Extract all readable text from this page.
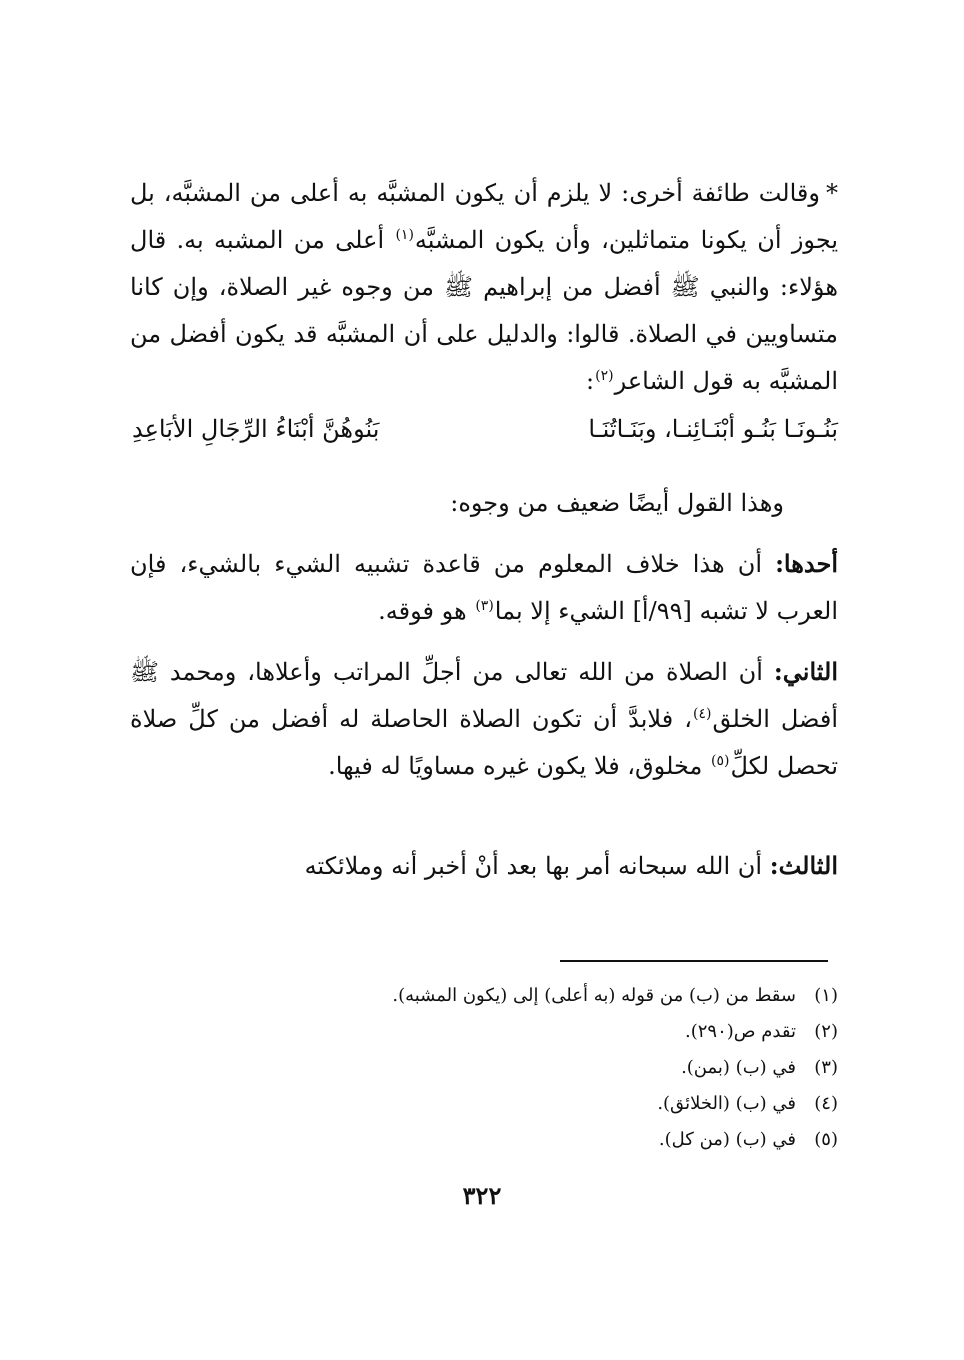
*وقالت طائفة أخرى: لا يلزم أن يكون المشبَّه به أعلى من المشبَّه، بل يجوز أن يكونا متماثلين، وأن يكون المشبَّه$^{(١)}$ أعلى من المشبه به. قال هؤلاء: والنبي ﷺ أفضل من إبراهيم ﷺ من وجوه غير الصلاة، وإن كانا متساويين في الصلاة. قالوا: والدليل على أن المشبَّه قد يكون أفضل من المشبَّه به قول الشاعر$^{(٢)}$:
بَنُـونَـا بَنُـو أبْنَـائِنـا، وبَنَـاتُنَـا
بَنُوهُنَّ أبْنَاءُ الرِّجَالِ الأبَاعِدِ
وهذا القول أيضًا ضعيف من وجوه:
أحدها: أن هذا خلاف المعلوم من قاعدة تشبيه الشيء بالشيء، فإن العرب لا تشبه [٩٩/أ] الشيء إلا بما$^{(٣)}$ هو فوقه.
الثاني: أن الصلاة من الله تعالى من أجلِّ المراتب وأعلاها، ومحمد ﷺ أفضل الخلق$^{(٤)}$، فلابدَّ أن تكون الصلاة الحاصلة له أفضل من كلِّ صلاة تحصل لكلِّ$^{(٥)}$ مخلوق، فلا يكون غيره مساويًا له فيها.
الثالث: أن الله سبحانه أمر بها بعد أنْ أخبر أنه وملائكته
(١)
سقط من (ب) من قوله (به أعلى) إلى (يكون المشبه).
(٢)
تقدم ص(٢٩٠).
(٣)
في (ب) (بمن).
(٤)
في (ب) (الخلائق).
(٥)
في (ب) (من كل).
٣٢٢
